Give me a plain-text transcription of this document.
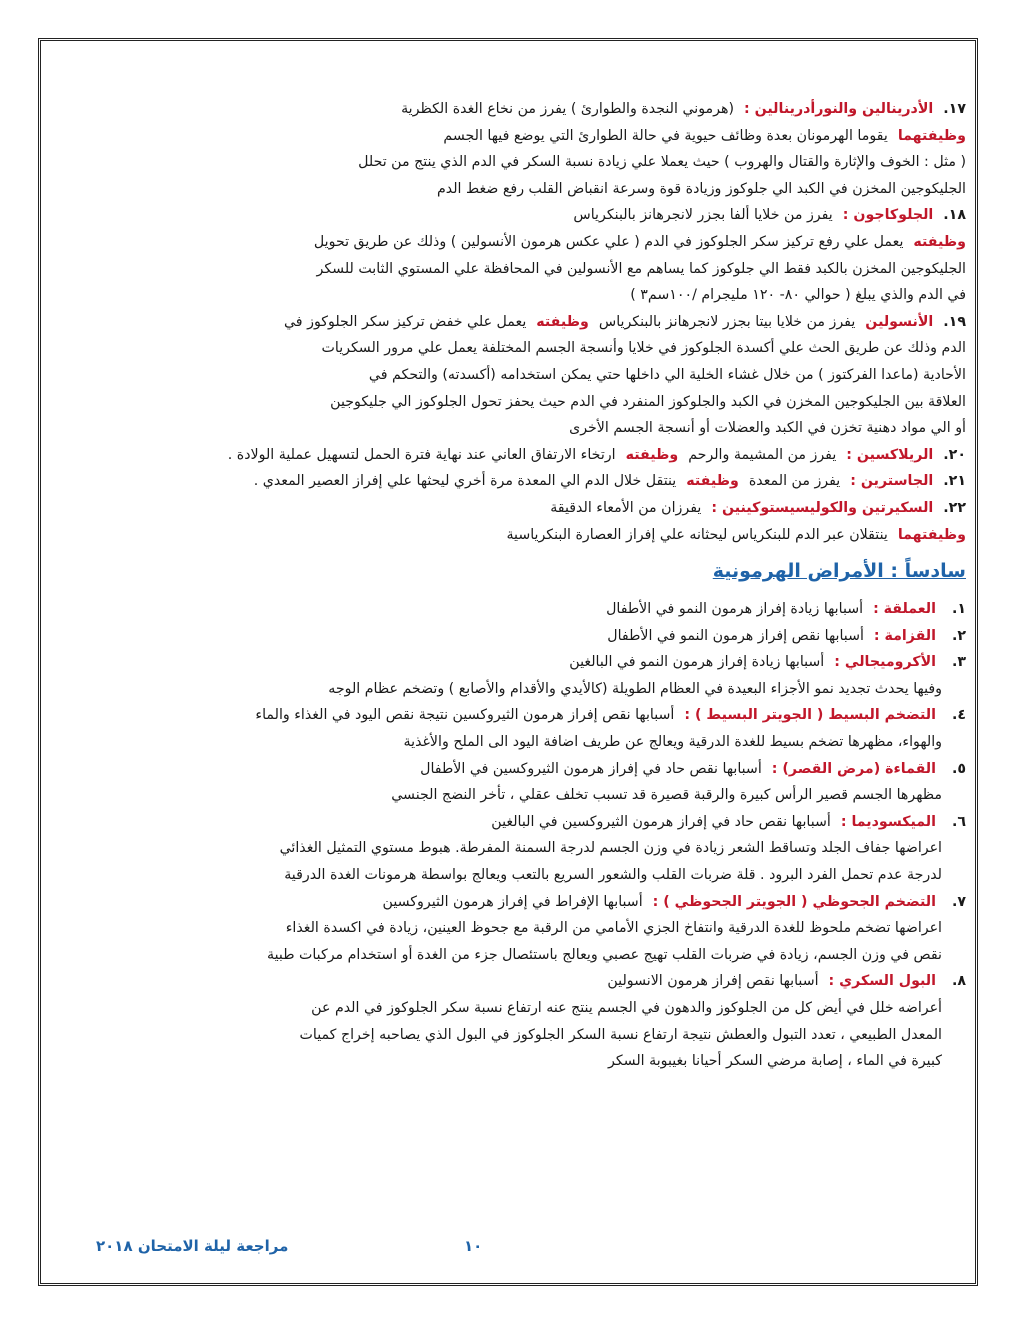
١٧.الأدرينالين والنورأدرينالين :(هرموني النجدة والطوارئ ) يفرز من نخاع الغدة الكظرية
وظيفتهمايقوما الهرمونان بعدة وظائف حيوية في حالة الطوارئ التي يوضع فيها الجسم
( مثل : الخوف والإثارة والقتال والهروب ) حيث يعملا علي زيادة نسبة السكر في الدم الذي ينتج من تحلل
الجليكوجين المخزن في الكبد الي جلوكوز وزيادة قوة وسرعة انقباض القلب رفع ضغط الدم
١٨.الجلوكاجون :يفرز من خلايا ألفا بجزر لانجرهانز بالبنكرياس
وظيفتهيعمل علي رفع تركيز سكر الجلوكوز في الدم ( علي عكس هرمون الأنسولين ) وذلك عن طريق تحويل
الجليكوجين المخزن بالكبد فقط الي جلوكوز كما يساهم مع الأنسولين في المحافظة علي المستوي الثابت للسكر
في الدم والذي يبلغ ( حوالي ٨٠- ١٢٠ مليجرام /١٠٠سم٣ )
١٩.الأنسولينيفرز من خلايا بيتا بجزر لانجرهانز بالبنكرياسوظيفتهيعمل علي خفض تركيز سكر الجلوكوز في
الدم وذلك عن طريق الحث علي أكسدة الجلوكوز في خلايا وأنسجة الجسم المختلفة يعمل علي مرور السكريات
الأحادية (ماعدا الفركتوز ) من خلال غشاء الخلية الي داخلها حتي يمكن استخدامه (أكسدته) والتحكم في
العلاقة بين الجليكوجين المخزن في الكبد والجلوكوز المنفرد في الدم حيث يحفز تحول الجلوكوز الي جليكوجين
أو الي مواد دهنية تخزن في الكبد والعضلات أو أنسجة الجسم الأخرى
٢٠.الريلاكسين :يفرز من المشيمة والرحموظيفتهارتخاء الارتفاق العاني عند نهاية فترة الحمل لتسهيل عملية الولادة .
٢١.الجاسترين :يفرز من المعدةوظيفتهينتقل خلال الدم الي المعدة مرة أخري ليحثها علي إفراز العصير المعدي .
٢٢.السكيرتين والكوليسيستوكينين :يفرزان من الأمعاء الدقيقة
وظيفتهماينتقلان عبر الدم للبنكرياس ليحثانه علي إفراز العصارة البنكرياسية
سادساً : الأمراض الهرمونية
١.العملقة :أسبابها زيادة إفراز هرمون النمو في الأطفال
٢.القزامة :أسبابها نقص إفراز هرمون النمو في الأطفال
٣.الأكروميجالي :أسبابها زيادة إفراز هرمون النمو في البالغين
وفيها يحدث تجديد نمو الأجزاء البعيدة في العظام الطويلة (كالأيدي والأقدام والأصابع ) وتضخم عظام الوجه
٤.التضخم البسيط ( الجويتر البسيط ) :أسبابها نقص إفراز هرمون الثيروكسين نتيجة نقص اليود في الغذاء والماء
والهواء، مظهرها تضخم بسيط للغدة الدرقية ويعالج عن طريف اضافة اليود الى الملح والأغذية
٥.القماءة (مرض القصر) :أسبابها نقص حاد في إفراز هرمون الثيروكسين في الأطفال
مظهرها الجسم قصير الرأس كبيرة والرقبة قصيرة قد تسبب تخلف عقلي ، تأخر النضج الجنسي
٦.الميكسوديما :أسبابها نقص حاد في إفراز هرمون الثيروكسين في البالغين
اعراضها جفاف الجلد وتساقط الشعر زيادة في وزن الجسم لدرجة السمنة المفرطة. هبوط مستوي التمثيل الغذائي
لدرجة عدم تحمل الفرد البرود . قلة ضربات القلب والشعور السريع بالتعب ويعالج بواسطة هرمونات الغدة الدرقية
٧.التضخم الجحوظي ( الجويتر الجحوظي ) :أسبابها الإفراط في إفراز هرمون الثيروكسين
اعراضها تضخم ملحوظ للغدة الدرقية وانتفاخ الجزي الأمامي من الرقبة مع جحوظ العينين، زيادة في اكسدة الغذاء
نقص في وزن الجسم، زيادة في ضربات القلب تهيج عصبي ويعالج باستئصال جزء من الغدة أو استخدام مركبات طبية
٨.البول السكري :أسبابها نقص إفراز هرمون الانسولين
أعراضه خلل في أيض كل من الجلوكوز والدهون في الجسم ينتج عنه ارتفاع نسبة سكر الجلوكوز في الدم عن
المعدل الطبيعي ، تعدد التبول والعطش نتيجة ارتفاع نسبة السكر الجلوكوز في البول الذي يصاحبه إخراج كميات
كبيرة في الماء ، إصابة مرضي السكر أحيانا بغيبوبة السكر
١٠
مراجعة ليلة الامتحان ٢٠١٨
